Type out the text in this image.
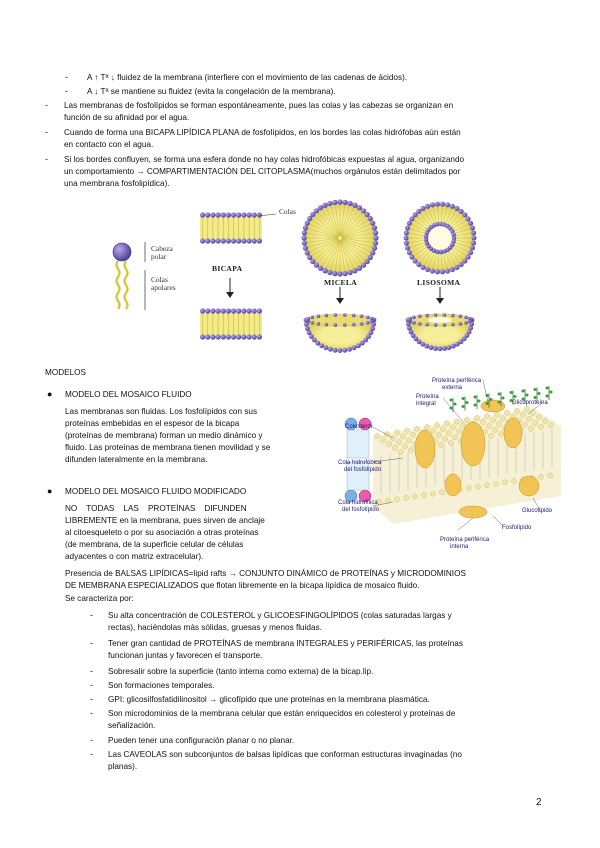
- A ↑ Tª ↓ fluidez de la membrana (interfiere con el movimiento de las cadenas de ácidos).
- A ↓ Tª se mantiene su fluidez (evita la congelación de la membrana).
- Las membranas de fosfolípidos se forman espontáneamente, pues las colas y las cabezas se organizan en
función de su afinidad por el agua.
- Cuando de forma una BICAPA LIPÍDICA PLANA de fosfolípidos, en los bordes las colas hidrófobas aún están
en contacto con el agua.
- Si los bordes confluyen, se forma una esfera donde no hay colas hidrofóbicas expuestas al agua, organizando
un comportamiento → COMPARTIMENTACIÓN DEL CITOPLASMA(muchos orgánulos están delimitados por
una membrana fosfolipídica).
Cabeza
polar
Colas
apolares
Colas
BICAPA
MICELA	LISOSOMA
MODELOS
● MODELO DEL MOSAICO FLUIDO
Las membranas son fluidas. Los fosfolípidos con sus
proteínas embebidas en el espesor de la bicapa
(proteínas de membrana) forman un medio dinámico y
fluido. Las proteínas de membrana tienen movilidad y se
difunden lateralmente en la membrana.
● MODELO DEL MOSAICO FLUIDO MODIFICADO
NO    TODAS    LAS    PROTEÍNAS    DIFUNDEN
LIBREMENTE en la membrana, pues sirven de anclaje
al citoesqueleto o por su asociación a otras proteínas
(de membrana, de la superficie celular de células
adyacentes o con matriz extracelular).
Presencia de BALSAS LIPÍDICAS=lipid rafts → CONJUNTO DINÁMICO de PROTEÍNAS y MICRODOMINIOS
DE MEMBRANA ESPECIALIZADOS que flotan libremente en la bicapa lipídica de mosaico fluido.
Se caracteriza por:
Proteína periférica
externa
Proteína
integral	Glicoproteína
Colesterol
Cola hidrofóbica
del fosfolípido
Cola hidrofílica
del fosfolípido	Glucolípido
Fosfolípido
Proteína periférica
interna
- Su alta concentración de COLESTEROL y GLICOESFINGOLÍPIDOS (colas saturadas largas y
rectas), haciéndolas más sólidas, gruesas y menos fluidas.
- Tener gran cantidad de PROTEÍNAS de membrana INTEGRALES y PERIFÉRICAS, las proteínas
funcionan juntas y favorecen el transporte.
- Sobresalir sobre la superficie (tanto interna como externa) de la bicap.lip.
- Son formaciones temporales.
- GPI: glicosilfosfatidilinositol → glicofípido que une proteínas en la membrana plasmática.
- Son microdominios de la membrana celular que están enriquecidos en colesterol y proteínas de
señalización.
- Pueden tener una configuración planar o no planar.
- Las CAVEOLAS son subconjuntos de balsas lipídicas que conforman estructuras invaginadas (no
planas).
2
